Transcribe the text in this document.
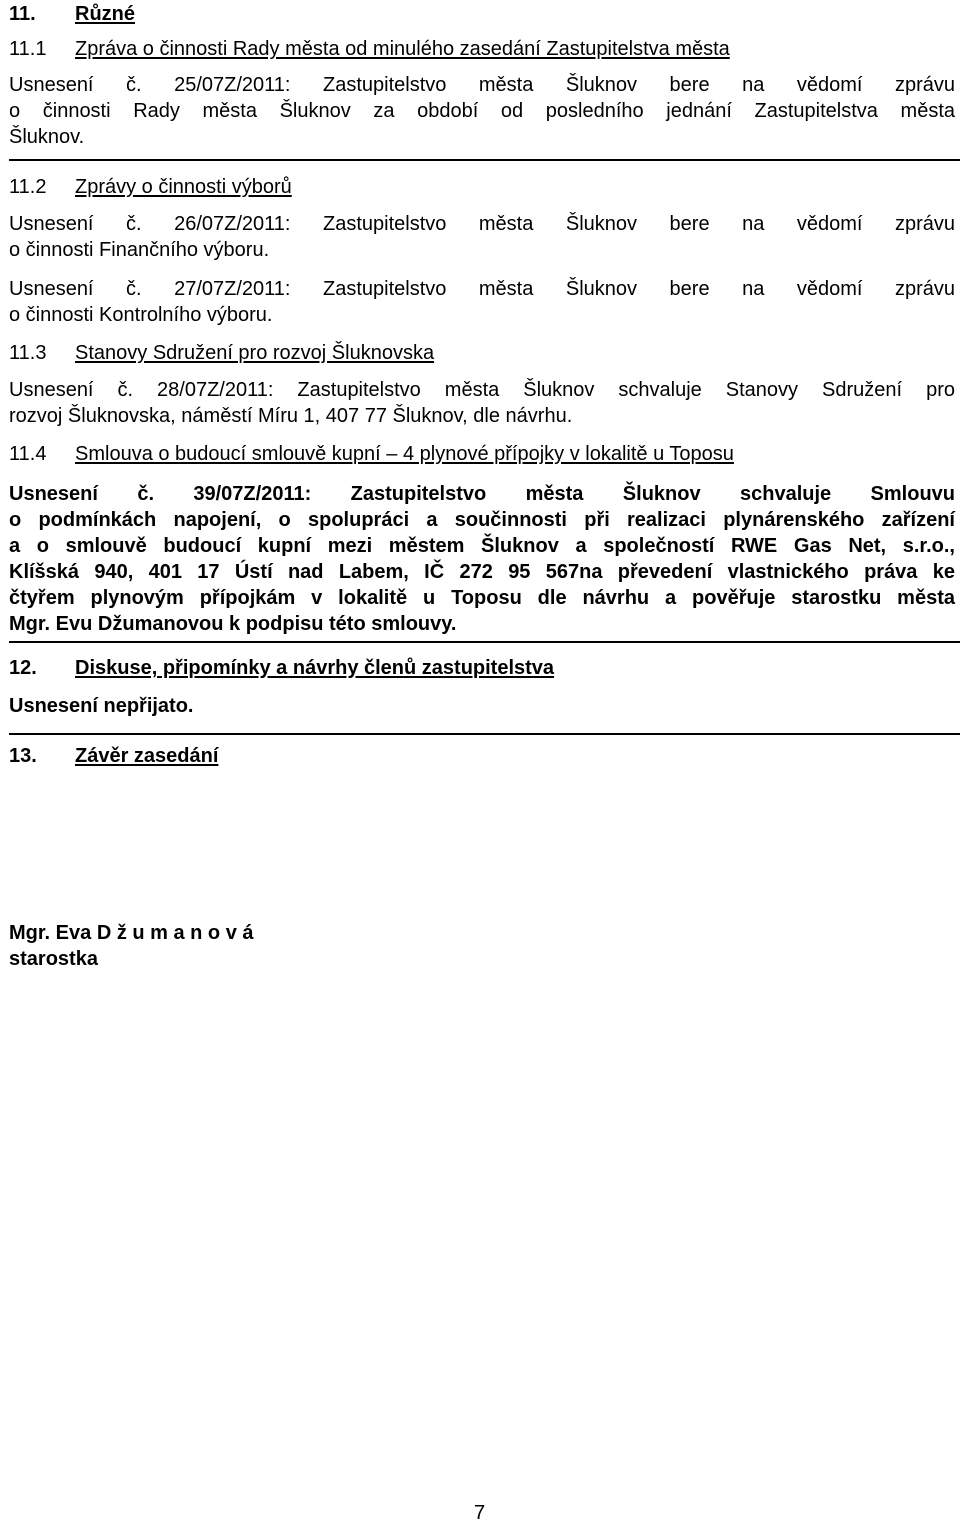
11. Různé
11.1 Zpráva o činnosti Rady města od minulého zasedání Zastupitelstva města
Usnesení č. 25/07Z/2011: Zastupitelstvo města Šluknov bere na vědomí zprávu
o činnosti Rady města Šluknov za období od posledního jednání Zastupitelstva města
Šluknov.
11.2 Zprávy o činnosti výborů
Usnesení č. 26/07Z/2011: Zastupitelstvo města Šluknov bere na vědomí zprávu
o činnosti Finančního výboru.
Usnesení č. 27/07Z/2011: Zastupitelstvo města Šluknov bere na vědomí zprávu
o činnosti Kontrolního výboru.
11.3 Stanovy Sdružení pro rozvoj Šluknovska
Usnesení č. 28/07Z/2011: Zastupitelstvo města Šluknov schvaluje Stanovy Sdružení pro
rozvoj Šluknovska, náměstí Míru 1, 407 77 Šluknov, dle návrhu.
11.4 Smlouva o budoucí smlouvě kupní – 4 plynové přípojky v lokalitě u Toposu
Usnesení č. 39/07Z/2011: Zastupitelstvo města Šluknov schvaluje Smlouvu
o podmínkách napojení, o spolupráci a součinnosti při realizaci plynárenského zařízení
a o smlouvě budoucí kupní mezi městem Šluknov a společností RWE Gas Net, s.r.o.,
Klíšská 940, 401 17 Ústí nad Labem, IČ 272 95 567na převedení vlastnického práva ke
čtyřem plynovým přípojkám v lokalitě u Toposu dle návrhu a pověřuje starostku města
Mgr. Evu Džumanovou k podpisu této smlouvy.
12. Diskuse, připomínky a návrhy členů zastupitelstva
Usnesení nepřijato.
13. Závěr zasedání
Mgr. Eva D ž u m a n o v á
starostka
7
